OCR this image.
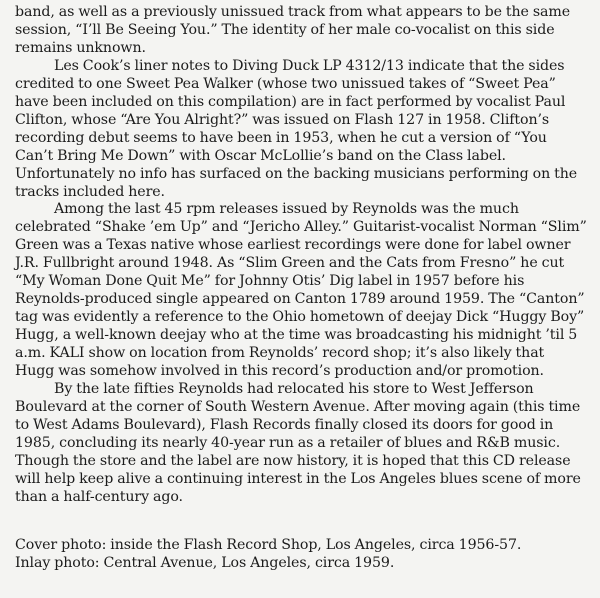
band, as well as a previously unissued track from what appears to be the same session, “I’ll Be Seeing You.” The identity of her male co-vocalist on this side remains unknown.

Les Cook’s liner notes to Diving Duck LP 4312/13 indicate that the sides credited to one Sweet Pea Walker (whose two unissued takes of “Sweet Pea” have been included on this compilation) are in fact performed by vocalist Paul Clifton, whose “Are You Alright?” was issued on Flash 127 in 1958. Clifton’s recording debut seems to have been in 1953, when he cut a version of “You Can’t Bring Me Down” with Oscar McLollie’s band on the Class label. Unfortunately no info has surfaced on the backing musicians performing on the tracks included here.

Among the last 45 rpm releases issued by Reynolds was the much celebrated “Shake ’em Up” and “Jericho Alley.” Guitarist-vocalist Norman “Slim” Green was a Texas native whose earliest recordings were done for label owner J.R. Fullbright around 1948. As “Slim Green and the Cats from Fresno” he cut “My Woman Done Quit Me” for Johnny Otis’ Dig label in 1957 before his Reynolds-produced single appeared on Canton 1789 around 1959. The “Canton” tag was evidently a reference to the Ohio hometown of deejay Dick “Huggy Boy” Hugg, a well-known deejay who at the time was broadcasting his midnight ’til 5 a.m. KALI show on location from Reynolds’ record shop; it’s also likely that Hugg was somehow involved in this record’s production and/or promotion.

By the late fifties Reynolds had relocated his store to West Jefferson Boulevard at the corner of South Western Avenue. After moving again (this time to West Adams Boulevard), Flash Records finally closed its doors for good in 1985, concluding its nearly 40-year run as a retailer of blues and R&B music. Though the store and the label are now history, it is hoped that this CD release will help keep alive a continuing interest in the Los Angeles blues scene of more than a half-century ago.

Cover photo: inside the Flash Record Shop, Los Angeles, circa 1956-57.
Inlay photo: Central Avenue, Los Angeles, circa 1959.
